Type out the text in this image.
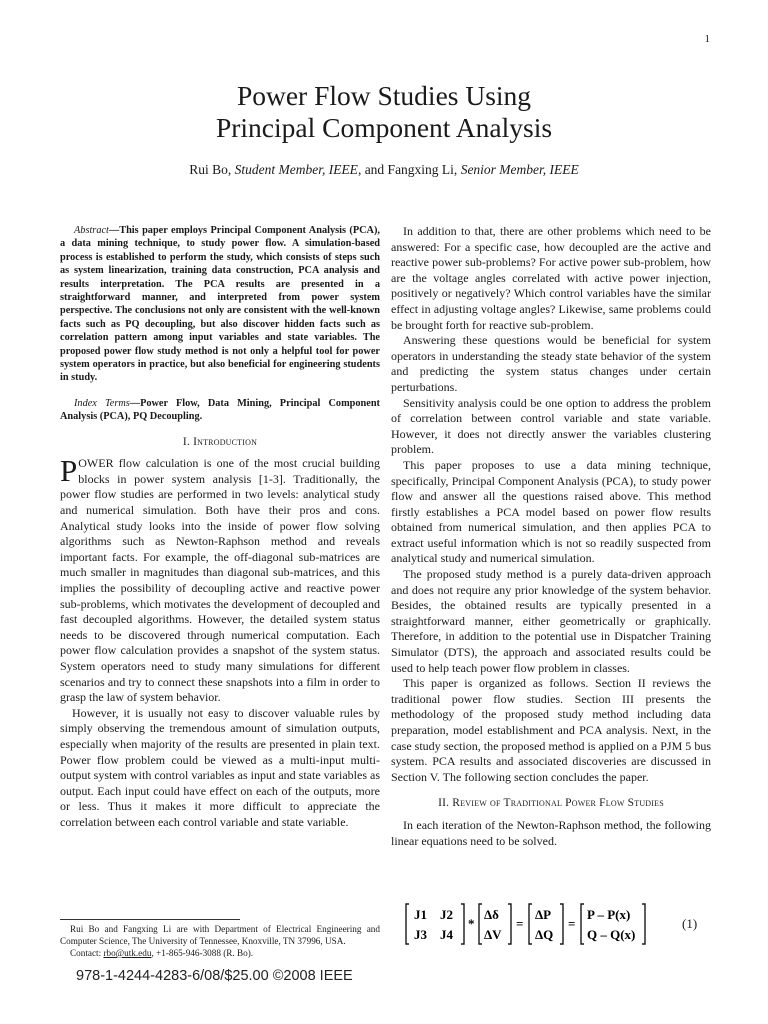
1
Power Flow Studies Using
Principal Component Analysis
Rui Bo, Student Member, IEEE, and Fangxing Li, Senior Member, IEEE

Abstract—This paper employs Principal Component Analysis (PCA), a data mining technique, to study power flow. A simulation-based process is established to perform the study, which consists of steps such as system linearization, training data construction, PCA analysis and results interpretation. The PCA results are presented in a straightforward manner, and interpreted from power system perspective. The conclusions not only are consistent with the well-known facts such as PQ decoupling, but also discover hidden facts such as correlation pattern among input variables and state variables. The proposed power flow study method is not only a helpful tool for power system operators in practice, but also beneficial for engineering students in study.

Index Terms—Power Flow, Data Mining, Principal Component Analysis (PCA), PQ Decoupling.

I. Introduction

POWER flow calculation is one of the most crucial building blocks in power system analysis [1-3]. Traditionally, the power flow studies are performed in two levels: analytical study and numerical simulation. Both have their pros and cons. Analytical study looks into the inside of power flow solving algorithms such as Newton-Raphson method and reveals important facts. For example, the off-diagonal sub-matrices are much smaller in magnitudes than diagonal sub-matrices, and this implies the possibility of decoupling active and reactive power sub-problems, which motivates the development of decoupled and fast decoupled algorithms. However, the detailed system status needs to be discovered through numerical computation. Each power flow calculation provides a snapshot of the system status. System operators need to study many simulations for different scenarios and try to connect these snapshots into a film in order to grasp the law of system behavior.

However, it is usually not easy to discover valuable rules by simply observing the tremendous amount of simulation outputs, especially when majority of the results are presented in plain text. Power flow problem could be viewed as a multi-input multi-output system with control variables as input and state variables as output. Each input could have effect on each of the outputs, more or less. Thus it makes it more difficult to appreciate the correlation between each control variable and state variable.

Rui Bo and Fangxing Li are with Department of Electrical Engineering and Computer Science, The University of Tennessee, Knoxville, TN 37996, USA.

Contact: rbo@utk.edu, +1-865-946-3088 (R. Bo).

978-1-4244-4283-6/08/$25.00 ©2008 IEEE

In addition to that, there are other problems which need to be answered: For a specific case, how decoupled are the active and reactive power sub-problems? For active power sub-problem, how are the voltage angles correlated with active power injection, positively or negatively? Which control variables have the similar effect in adjusting voltage angles? Likewise, same problems could be brought forth for reactive sub-problem.

Answering these questions would be beneficial for system operators in understanding the steady state behavior of the system and predicting the system status changes under certain perturbations.

Sensitivity analysis could be one option to address the problem of correlation between control variable and state variable. However, it does not directly answer the variables clustering problem.

This paper proposes to use a data mining technique, specifically, Principal Component Analysis (PCA), to study power flow and answer all the questions raised above. This method firstly establishes a PCA model based on power flow results obtained from numerical simulation, and then applies PCA to extract useful information which is not so readily suspected from analytical study and numerical simulation.

The proposed study method is a purely data-driven approach and does not require any prior knowledge of the system behavior. Besides, the obtained results are typically presented in a straightforward manner, either geometrically or graphically. Therefore, in addition to the potential use in Dispatcher Training Simulator (DTS), the approach and associated results could be used to help teach power flow problem in classes.

This paper is organized as follows. Section II reviews the traditional power flow studies. Section III presents the methodology of the proposed study method including data preparation, model establishment and PCA analysis. Next, in the case study section, the proposed method is applied on a PJM 5 bus system. PCA results and associated discoveries are discussed in Section V. The following section concludes the paper.

II. Review of Traditional Power Flow Studies

In each iteration of the Newton-Raphson method, the following linear equations need to be solved.

J1 J2
J3 J4
*
Δδ
ΔV
=
ΔP
ΔQ
=
P – P(x)
Q – Q(x)
(1)
